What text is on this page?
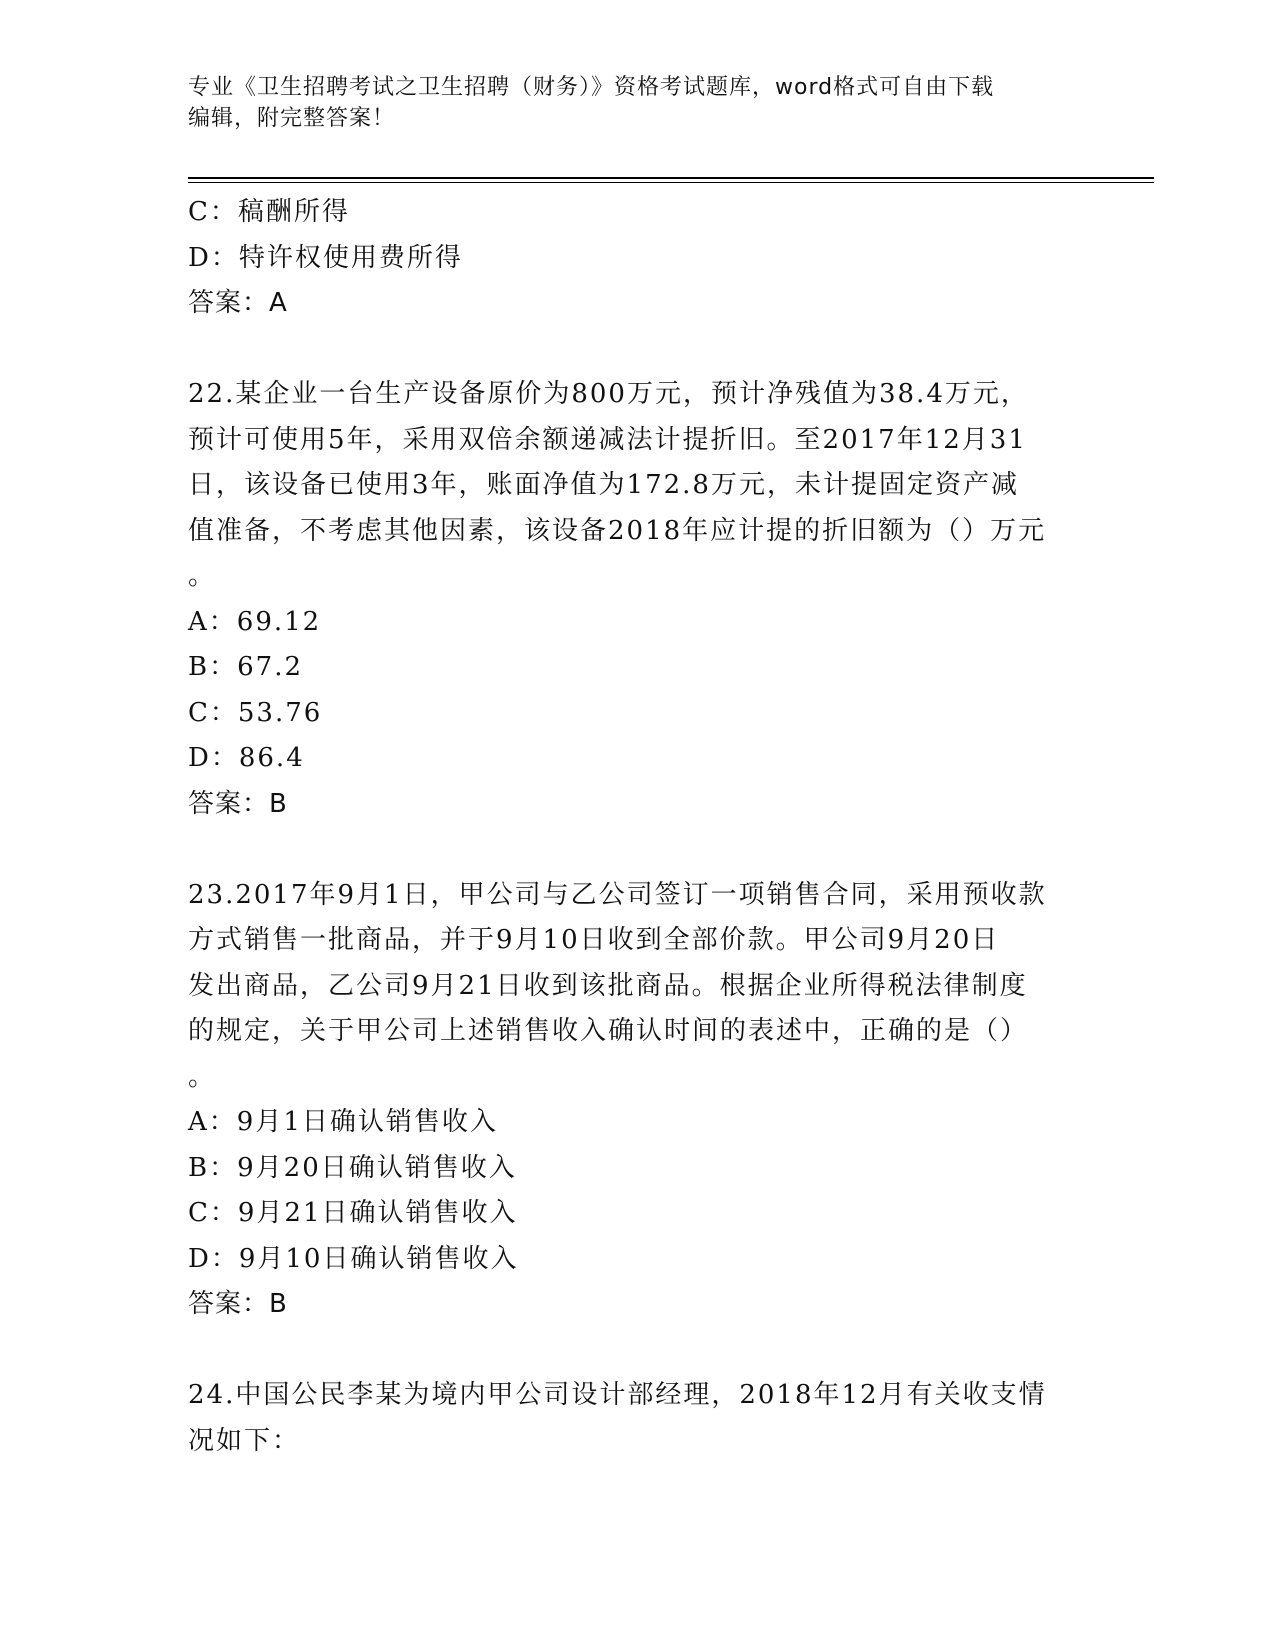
专业《卫生招聘考试之卫生招聘（财务）》资格考试题库，word格式可自由下载
编辑，附完整答案！
C：稿酬所得
D：特许权使用费所得
答案：A
22.某企业一台生产设备原价为800万元，预计净残值为38.4万元，
预计可使用5年，采用双倍余额递减法计提折旧。至2017年12月31
日，该设备已使用3年，账面净值为172.8万元，未计提固定资产减
值准备，不考虑其他因素，该设备2018年应计提的折旧额为（）万元
。
A：69.12
B：67.2
C：53.76
D：86.4
答案：B
23.2017年9月1日，甲公司与乙公司签订一项销售合同，采用预收款
方式销售一批商品，并于9月10日收到全部价款。甲公司9月20日
发出商品，乙公司9月21日收到该批商品。根据企业所得税法律制度
的规定，关于甲公司上述销售收入确认时间的表述中，正确的是（）
。
A：9月1日确认销售收入
B：9月20日确认销售收入
C：9月21日确认销售收入
D：9月10日确认销售收入
答案：B
24.中国公民李某为境内甲公司设计部经理，2018年12月有关收支情
况如下：
